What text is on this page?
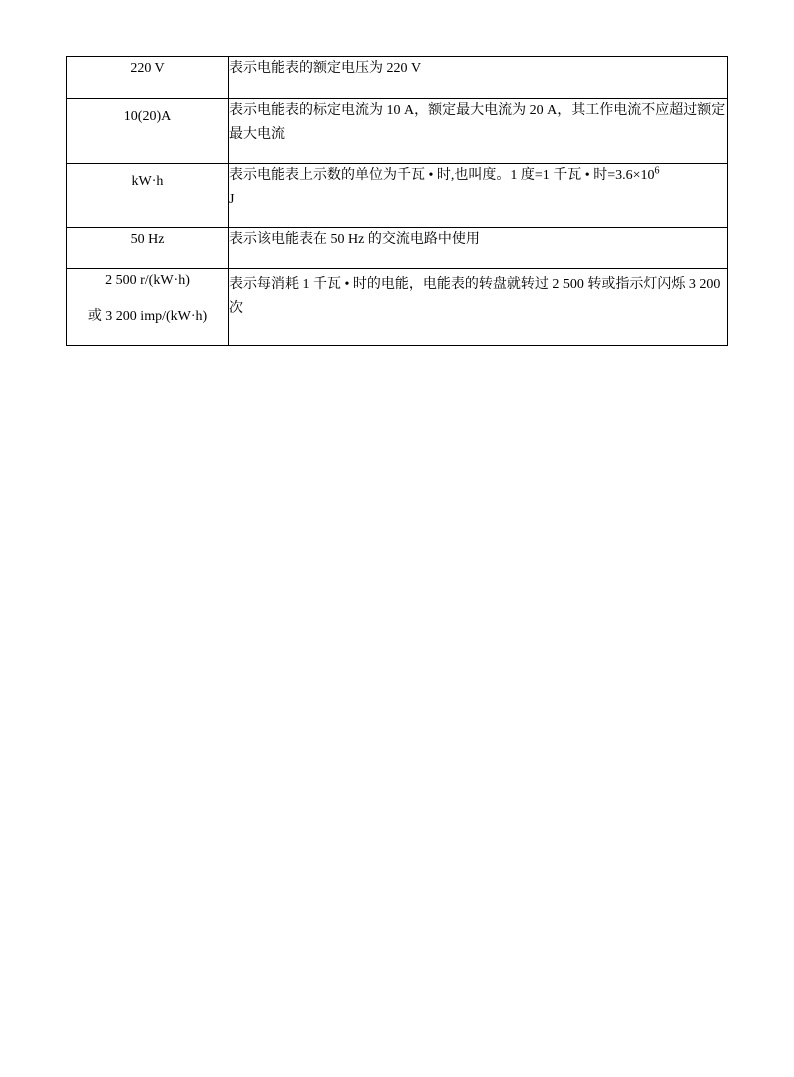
220 V	表示电能表的额定电压为 220 V

10(20)A	表示电能表的标定电流为 10 A，额定最大电流为 20 A，其工作电流不应超过额定最大电流

kW·h	表示电能表上示数的单位为千瓦 • 时,也叫度。1 度=1 千瓦 • 时$=3.6\times 10^6$
J

50 Hz	表示该电能表在 50 Hz 的交流电路中使用

2 500 r/(kW·h)
或 3 200 imp/(kW·h)	表示每消耗 1 千瓦 • 时的电能，电能表的转盘就转过 2 500 转或指示灯闪烁 3 200 次
